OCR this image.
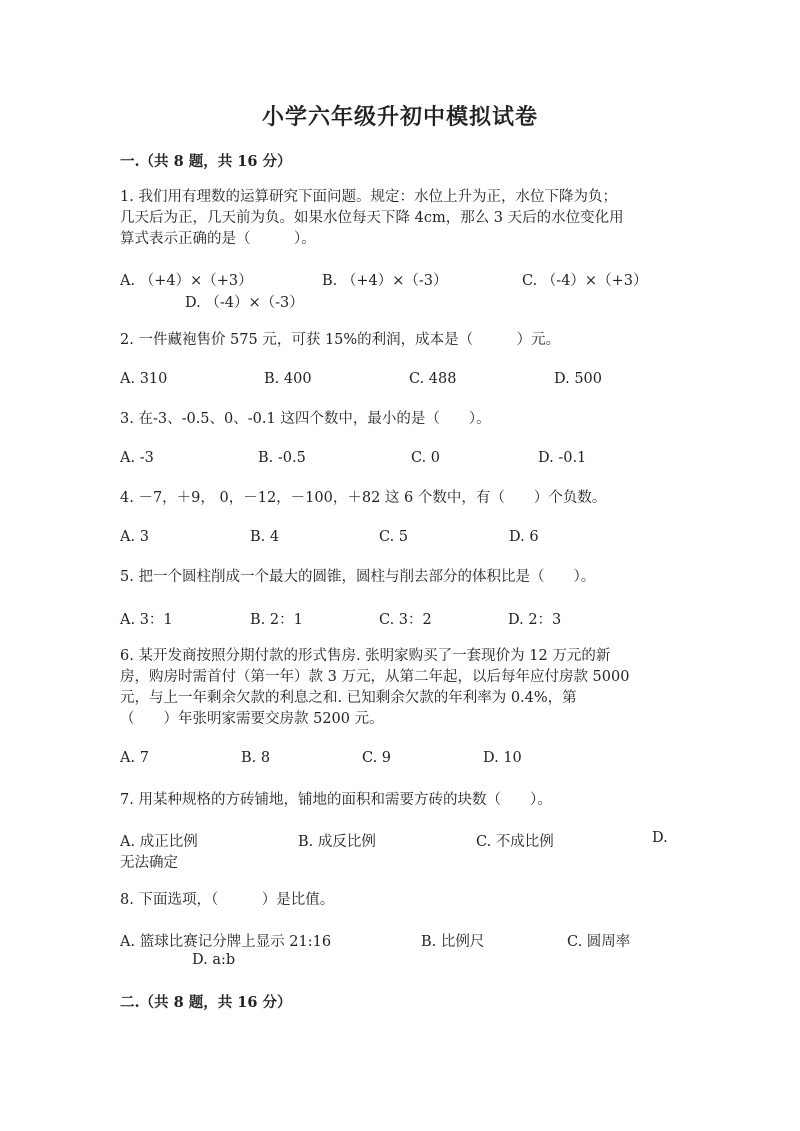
小学六年级升初中模拟试卷
一.（共 8 题，共 16 分）
1. 我们用有理数的运算研究下面问题。规定：水位上升为正，水位下降为负；
几天后为正，几天前为负。如果水位每天下降 4cm，那么 3 天后的水位变化用
算式表示正确的是（　　　）。
A. （+4）×（+3）	B. （+4）×（-3）	C. （-4）×（+3）
D. （-4）×（-3）
2. 一件藏袍售价 575 元，可获 15%的利润，成本是（　　　）元。
A. 310	B. 400	C. 488	D. 500
3. 在-3、-0.5、0、-0.1 这四个数中，最小的是（　　）。
A. -3	B. -0.5	C. 0	D. -0.1
4. －7，＋9， 0，－12，－100，＋82 这 6 个数中，有（　　）个负数。
A. 3	B. 4	C. 5	D. 6
5. 把一个圆柱削成一个最大的圆锥，圆柱与削去部分的体积比是（　　）。
A. 3：1	B. 2：1	C. 3：2	D. 2：3
6. 某开发商按照分期付款的形式售房. 张明家购买了一套现价为 12 万元的新
房，购房时需首付（第一年）款 3 万元，从第二年起，以后每年应付房款 5000
元，与上一年剩余欠款的利息之和. 已知剩余欠款的年利率为 0.4%，第
（　　）年张明家需要交房款 5200 元。
A. 7	B. 8	C. 9	D. 10
7. 用某种规格的方砖铺地，铺地的面积和需要方砖的块数（　　）。
A. 成正比例	B. 成反比例	C. 不成比例	D.
无法确定
8. 下面选项，（　　　）是比值。
A. 篮球比赛记分牌上显示 21:16	B. 比例尺	C. 圆周率
D. a:b
二.（共 8 题，共 16 分）
